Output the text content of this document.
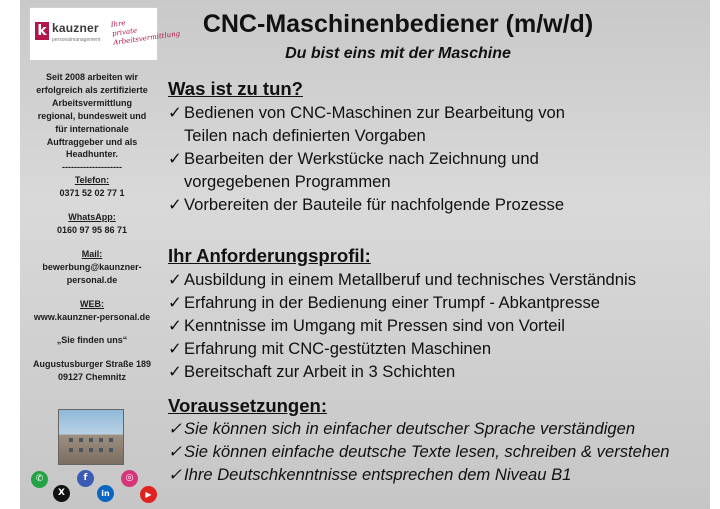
k kauzner
personalmanagement
Ihre private Arbeitsvermittlung
Seit 2008 arbeiten wir
erfolgreich als zertifizierte
Arbeitsvermittlung
regional, bundesweit und
für internationale
Auftraggeber und als
Headhunter.
--------------------
Telefon:
0371 52 02 77 1
WhatsApp:
0160 97 95 86 71
Mail:
bewerbung@kaunzner-
personal.de
WEB:
www.kaunzner-personal.de
„Sie finden uns“
Augustusburger Straße 189
09127 Chemnitz
✆	f	◎
X	in	▶
CNC-Maschinenbediener (m/w/d)
Du bist eins mit der Maschine
Was ist zu tun?
✓ Bedienen von CNC-Maschinen zur Bearbeitung von
Teilen nach definierten Vorgaben
✓ Bearbeiten der Werkstücke nach Zeichnung und
vorgegebenen Programmen
✓ Vorbereiten der Bauteile für nachfolgende Prozesse
Ihr Anforderungsprofil:
✓ Ausbildung in einem Metallberuf und technisches Verständnis
✓ Erfahrung in der Bedienung einer Trumpf - Abkantpresse
✓ Kenntnisse im Umgang mit Pressen sind von Vorteil
✓ Erfahrung mit CNC-gestützten Maschinen
✓ Bereitschaft zur Arbeit in 3 Schichten
Voraussetzungen:
✓ Sie können sich in einfacher deutscher Sprache verständigen
✓ Sie können einfache deutsche Texte lesen, schreiben & verstehen
✓ Ihre Deutschkenntnisse entsprechen dem Niveau B1
